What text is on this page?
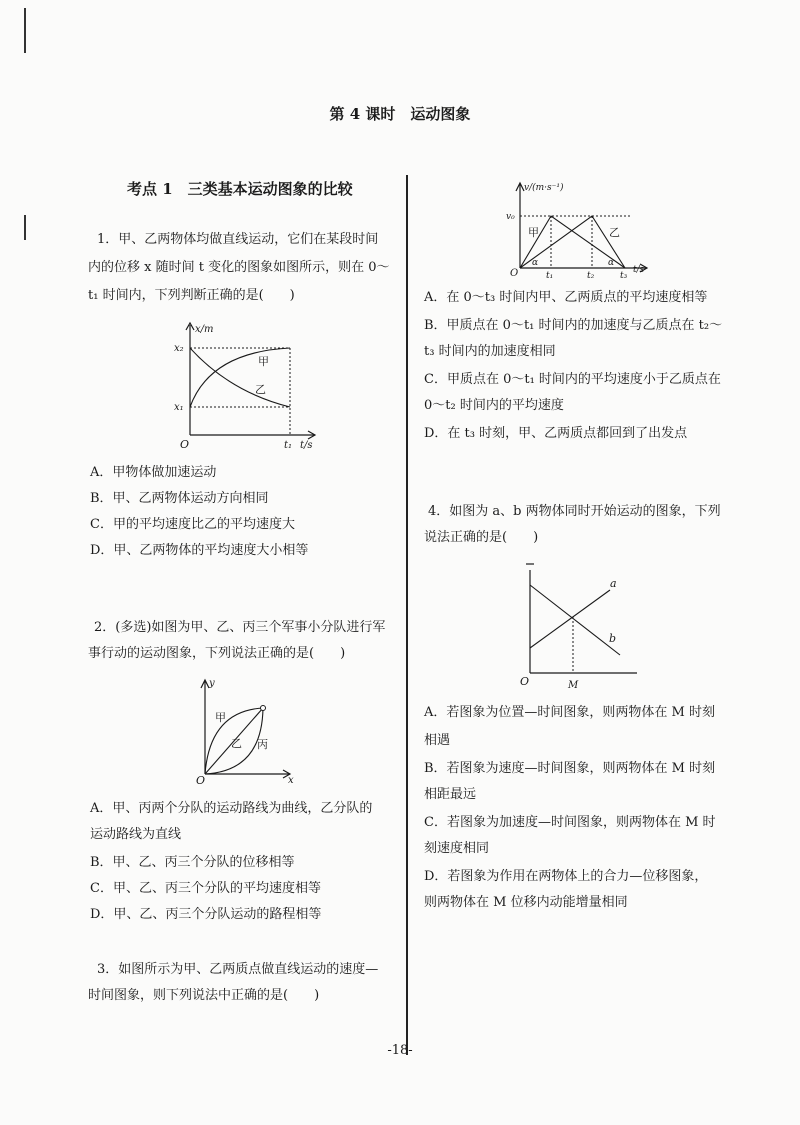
第 4 课时　运动图象
考点 1　三类基本运动图象的比较
1．甲、乙两物体均做直线运动，它们在某段时间
内的位移 x 随时间 t 变化的图象如图所示，则在 0～
t₁ 时间内，下列判断正确的是(　　)
x/m
x₂
x₁
O	t₁ t/s
甲
乙
A．甲物体做加速运动
B．甲、乙两物体运动方向相同
C．甲的平均速度比乙的平均速度大
D．甲、乙两物体的平均速度大小相等
2．(多选)如图为甲、乙、丙三个军事小分队进行军
事行动的运动图象，下列说法正确的是(　　)
y
O	x
甲
乙 丙
A．甲、丙两个分队的运动路线为曲线，乙分队的
运动路线为直线
B．甲、乙、丙三个分队的位移相等
C．甲、乙、丙三个分队的平均速度相等
D．甲、乙、丙三个分队运动的路程相等
3．如图所示为甲、乙两质点做直线运动的速度—
时间图象，则下列说法中正确的是(　　)
v/(m·s⁻¹)
v₀
O	t₁	t₂	t₃
t/s
α	α
甲	乙
A．在 0～t₃ 时间内甲、乙两质点的平均速度相等
B．甲质点在 0～t₁ 时间内的加速度与乙质点在 t₂～
t₃ 时间内的加速度相同
C．甲质点在 0～t₁ 时间内的平均速度小于乙质点在
0～t₂ 时间内的平均速度
D．在 t₃ 时刻，甲、乙两质点都回到了出发点
4．如图为 a、b 两物体同时开始运动的图象，下列
说法正确的是(　　)
O	M
a
b
A．若图象为位置—时间图象，则两物体在 M 时刻
相遇
B．若图象为速度—时间图象，则两物体在 M 时刻
相距最远
C．若图象为加速度—时间图象，则两物体在 M 时
刻速度相同
D．若图象为作用在两物体上的合力—位移图象，
则两物体在 M 位移内动能增量相同
-18-
